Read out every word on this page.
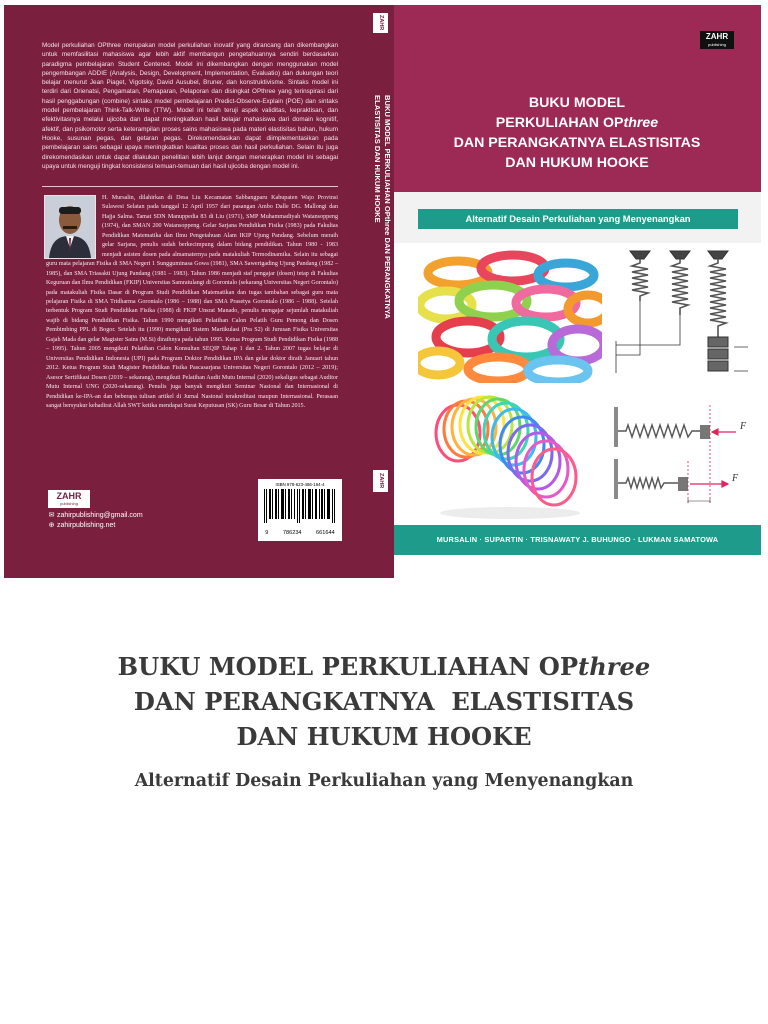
Model perkuliahan OPthree merupakan model perkuliahan inovatif yang dirancang dan dikembangkan untuk memfasilitasi mahasiswa agar lebih aktif membangun pengetahuannya sendiri berdasarkan paradigma pembelajaran Student Centered. Model ini dikembangkan dengan menggunakan model pengembangan ADDIE (Analysis, Design, Development, Implementation, Evaluatio) dan dukungan teori belajar menurut Jean Piaget, Vigotsky, David Ausubel, Bruner, dan konstruktivisme. Sintaks model ini terdiri dari Orienatsi, Pengamatan, Pemaparan, Pelaporan dan disingkat OPthree yang terinspirasi dari hasil penggabungan (combine) sintaks model pembelajaran Predict-Observe-Explain (POE) dan sintaks model pembelajaran Think-Talk-Write (TTW). Model ini telah teruji aspek validitas, kepraktisan, dan efektivitasnya melalui ujicoba dan dapat meningkatkan hasil belajar mahasiswa dari domain kognitif, afektif, dan psikomotor serta keterampilan proses sains mahasiswa pada materi elastisitas bahan, hukum Hooke, susunan pegas, dan getaran pegas. Direkomendasikan dapat diimplementasikan pada pembelajaran sains sebagai upaya meningkatkan kualitas proses dan hasil perkuliahan. Selain itu juga direkomendasikan untuk dapat dilakukan penelitian lebih lanjut dengan menerapkan model ini sebagai upaya untuk menguji tingkat konsistensi temuan-temuan dari hasil ujicoba dengan model ini.
H. Mursalin, dilahirkan di Desa Liu Kecamatan Sabbangparu Kabupaten Wajo Provinsi Sulawesi Selatan pada tanggal 12 April 1957 dari pasangan Ambo Dalle DG. Mallongi dan Hajja Salma. Tamat SDN Manuppedia 83 di Liu (1971), SMP Muhammadiyah Watansoppeng (1974), dan SMAN 200 Watansoppeng. Gelar Sarjana Pendidikan Fisika (1983) pada Fakultas Pendidikan Matematika dan Ilmu Pengetahuan Alam IKIP Ujung Pandang. Sebelum meraih gelar Sarjana, penulis sudah berkecimpung dalam bidang pendidikan. Tahun 1980 - 1983 menjadi asisten dosen pada almamaternya pada matakuliah Termodinamika. Selain itu sebagai guru mata pelajaran Fisika di SMA Negeri 1 Sungguminasa Gowa (1981), SMA Sawerigading Ujung Pandang (1982 – 1985), dan SMA Triasakti Ujung Pandang (1981 – 1983). Tahun 1986 menjadi staf pengajar (dosen) tetap di Fakultas Keguruan dan Ilmu Pendidikan (FKIP) Universitas Samratulangi di Gorontalo (sekarang Universitas Negeri Gorontalo) pada matakuliah Fisika Dasar di Program Studi Pendidikan Matematikan dan tugas tambahan sebagai guru mata pelajaran Fisika di SMA Tridharma Gorontalo (1986 – 1988) dan SMA Prasetya Gorontalo (1986 – 1988). Setelah terbentuk Program Studi Pendidikan Fisika (1988) di FKIP Unsrat Manado, penulis mengajar sejumlah matakuliah wajib di bidang Pendidikan Fisika. Tahun 1990 mengikuti Pelatihan Calon Pelatih Guru Pemong dan Dosen Pembimbing PPL di Bogor. Setelah itu (1990) mengikuti Sistem Martikulasi (Pra S2) di Jurusan Fisika Universitas Gajah Mada dan gelar Magister Sains (M.Si) diraihnya pada tahun 1995. Ketua Program Studi Pendidikan Fisika (1988 – 1995). Tahun 2005 mengikuti Pelatihan Calon Konsultan SEQIP Tahap 1 dan 2. Tahun 2007 tugas belajar di Universitas Pendidikan Indonesia (UPI) pada Program Doktor Pendidikan IPA dan gelar doktor diraih Januari tahun 2012. Ketua Program Studi Magister Pendidikan Fisika Pascasarjana Universitas Negeri Gorontalo (2012 – 2019); Asesor Sertifikasi Dosen (2019 – sekarang), mengikuti Pelatihan Audit Mutu Internal (2020) sekaligus sebagai Auditor Mutu Internal UNG (2020-sekarang). Penulis juga banyak mengikuti Seminar Nasional dan Internasional di Pendidikan ke-IPA-an dan beberapa tulisan artikel di Jurnal Nasional terakreditasi maupun Internasional. Perasaan sangat bersyukur kehadirat Allah SWT ketika mendapat Surat Keputusan (SK) Guru Besar di Tahun 2015.
ZAHR
publishing
✉ zahirpublishing@gmail.com
⊕ zahirpublishing.net
ISBN 978-623-486-164-4
9	786234	661644
ZAHR
BUKU MODEL PERKULIAHAN OPthree DAN PERANGKATNYA ELASTISITAS DAN HUKUM HOOKE
ZAHR
ZAHR
publishing
BUKU MODEL
PERKULIAHAN OPthree
DAN PERANGKATNYA ELASTISITAS
DAN HUKUM HOOKE
Alternatif Desain Perkuliahan yang Menyenangkan
F
F
MURSALIN · SUPARTIN · TRISNAWATY J. BUHUNGO · LUKMAN SAMATOWA
BUKU MODEL PERKULIAHAN OPthree
DAN PERANGKATNYA  ELASTISITAS
DAN HUKUM HOOKE
Alternatif Desain Perkuliahan yang Menyenangkan
